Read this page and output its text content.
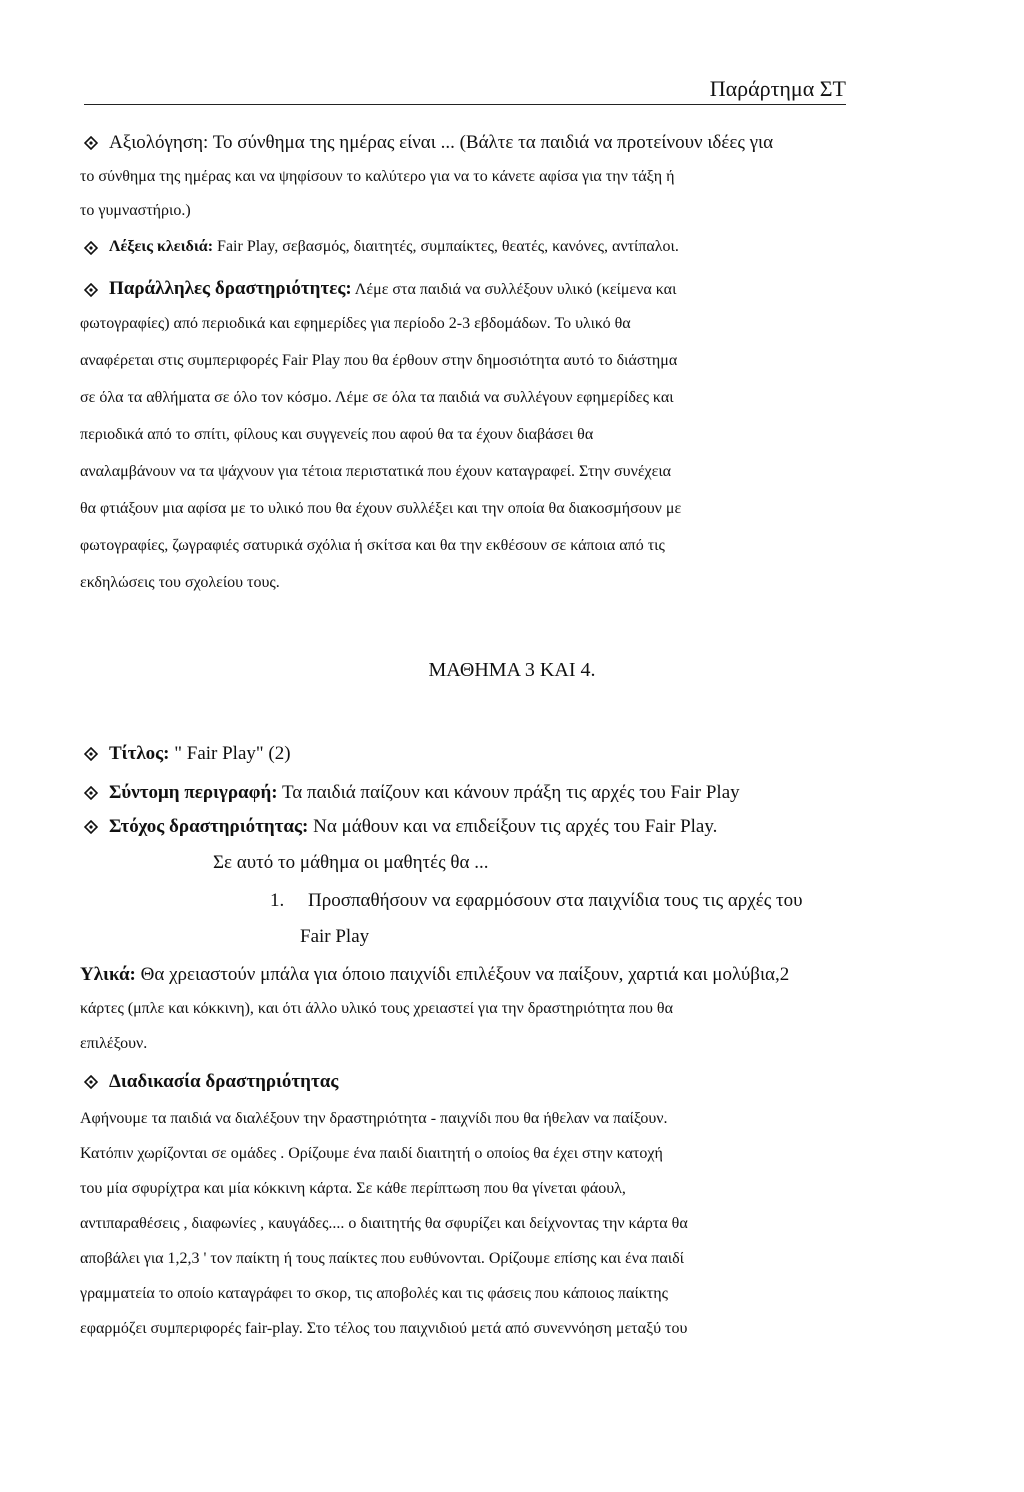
Παράρτημα ΣΤ
Αξιολόγηση: Το σύνθημα της ημέρας είναι ... (Βάλτε τα παιδιά να προτείνουν ιδέες για
το σύνθημα της ημέρας και να ψηφίσουν το καλύτερο για να το κάνετε αφίσα για την τάξη ή
το γυμναστήριο.)
Λέξεις κλειδιά: Fair Play, σεβασμός, διαιτητές, συμπαίκτες, θεατές, κανόνες, αντίπαλοι.
Παράλληλες δραστηριότητες: Λέμε στα παιδιά να συλλέξουν υλικό (κείμενα και
φωτογραφίες) από περιοδικά και εφημερίδες για περίοδο 2-3 εβδομάδων. Το υλικό θα
αναφέρεται στις συμπεριφορές Fair Play που θα έρθουν στην δημοσιότητα αυτό το διάστημα
σε όλα τα αθλήματα σε όλο τον κόσμο. Λέμε σε όλα τα παιδιά να συλλέγουν εφημερίδες και
περιοδικά από το σπίτι, φίλους και συγγενείς που αφού θα τα έχουν διαβάσει θα
αναλαμβάνουν να τα ψάχνουν για τέτοια περιστατικά που έχουν καταγραφεί. Στην συνέχεια
θα φτιάξουν μια αφίσα με το υλικό που θα έχουν συλλέξει και την οποία θα διακοσμήσουν με
φωτογραφίες, ζωγραφιές σατυρικά σχόλια ή σκίτσα και θα την εκθέσουν σε κάποια από τις
εκδηλώσεις του σχολείου τους.
ΜΑΘΗΜΑ 3 ΚΑΙ 4.
Τίτλος: " Fair Play" (2)
Σύντομη περιγραφή: Τα παιδιά παίζουν και κάνουν πράξη τις αρχές του Fair Play
Στόχος δραστηριότητας: Να μάθουν και να επιδείξουν τις αρχές του Fair Play.
Σε αυτό το μάθημα οι μαθητές θα ...
1. Προσπαθήσουν να εφαρμόσουν στα παιχνίδια τους τις αρχές του
Fair Play
Υλικά: Θα χρειαστούν μπάλα για όποιο παιχνίδι επιλέξουν να παίξουν, χαρτιά και μολύβια,2
κάρτες (μπλε και κόκκινη), και ότι άλλο υλικό τους χρειαστεί για την δραστηριότητα που θα
επιλέξουν.
Διαδικασία δραστηριότητας
Αφήνουμε τα παιδιά να διαλέξουν την δραστηριότητα - παιχνίδι που θα ήθελαν να παίξουν.
Κατόπιν χωρίζονται σε ομάδες . Ορίζουμε ένα παιδί διαιτητή ο οποίος θα έχει στην κατοχή
του μία σφυρίχτρα και μία κόκκινη κάρτα. Σε κάθε περίπτωση που θα γίνεται φάουλ,
αντιπαραθέσεις , διαφωνίες , καυγάδες.... ο διαιτητής θα σφυρίζει και δείχνοντας την κάρτα θα
αποβάλει για 1,2,3 ' τον παίκτη ή τους παίκτες που ευθύνονται. Ορίζουμε επίσης και ένα παιδί
γραμματεία το οποίο καταγράφει το σκορ, τις αποβολές και τις φάσεις που κάποιος παίκτης
εφαρμόζει συμπεριφορές fair-play. Στο τέλος του παιχνιδιού μετά από συνεννόηση μεταξύ του
